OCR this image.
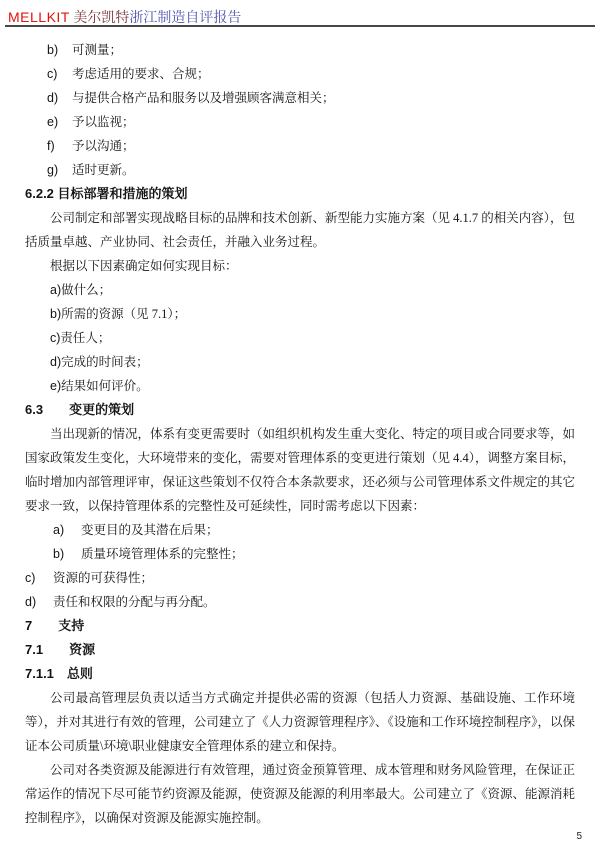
MELLKIT 美尔凯特浙江制造自评报告
b) 可测量；
c) 考虑适用的要求、合规；
d) 与提供合格产品和服务以及增强顾客满意相关；
e) 予以监视；
f) 予以沟通；
g) 适时更新。
6.2.2 目标部署和措施的策划
公司制定和部署实现战略目标的品牌和技术创新、新型能力实施方案（见 4.1.7 的相关内容），包括质量卓越、产业协同、社会责任，并融入业务过程。
根据以下因素确定如何实现目标：
a)做什么；
b)所需的资源（见 7.1）；
c)责任人；
d)完成的时间表；
e)结果如何评价。
6.3　　变更的策划
当出现新的情况，体系有变更需要时（如组织机构发生重大变化、特定的项目或合同要求等，如国家政策发生变化，大环境带来的变化，需要对管理体系的变更进行策划（见 4.4），调整方案目标，临时增加内部管理评审，保证这些策划不仅符合本条款要求，还必须与公司管理体系文件规定的其它要求一致，以保持管理体系的完整性及可延续性，同时需考虑以下因素：
a) 变更目的及其潜在后果；
b) 质量环境管理体系的完整性；
c) 资源的可获得性；
d) 责任和权限的分配与再分配。
7　　支持
7.1　　资源
7.1.1　总则
公司最高管理层负责以适当方式确定并提供必需的资源（包括人力资源、基础设施、工作环境等），并对其进行有效的管理，公司建立了《人力资源管理程序》、《设施和工作环境控制程序》，以保证本公司质量\环境\职业健康安全管理体系的建立和保持。
公司对各类资源及能源进行有效管理，通过资金预算管理、成本管理和财务风险管理，在保证正常运作的情况下尽可能节约资源及能源，使资源及能源的利用率最大。公司建立了《资源、能源消耗控制程序》，以确保对资源及能源实施控制。
5
